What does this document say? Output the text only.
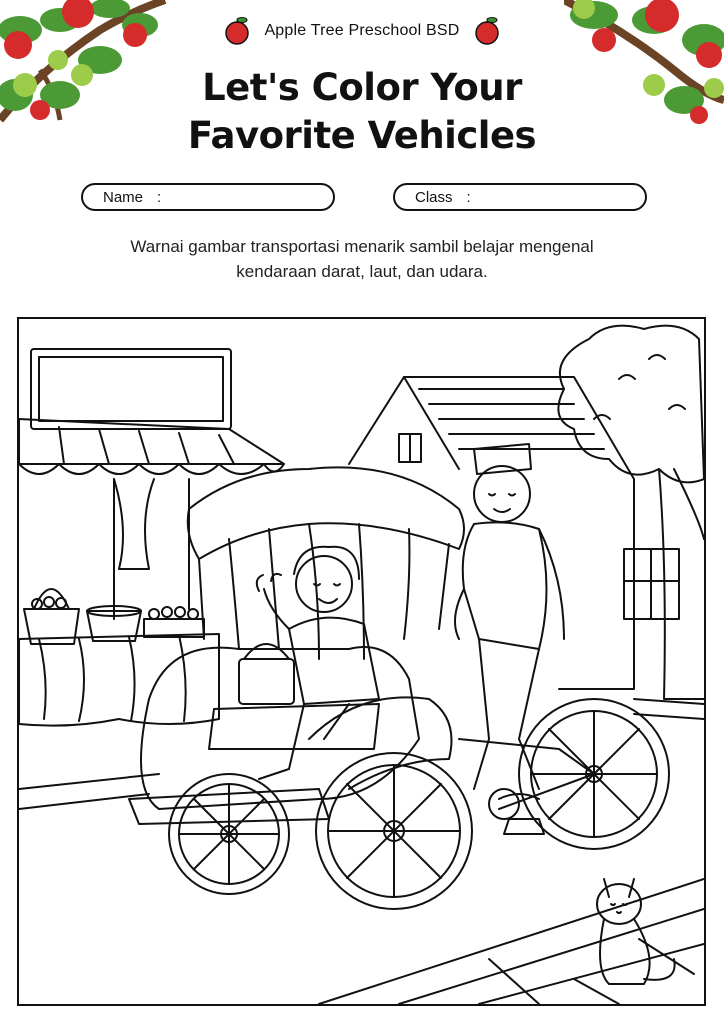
Apple Tree Preschool BSD
Let's Color Your
Favorite Vehicles
Name :	Class :
Warnai gambar transportasi menarik sambil belajar mengenal
kendaraan darat, laut, dan udara.
